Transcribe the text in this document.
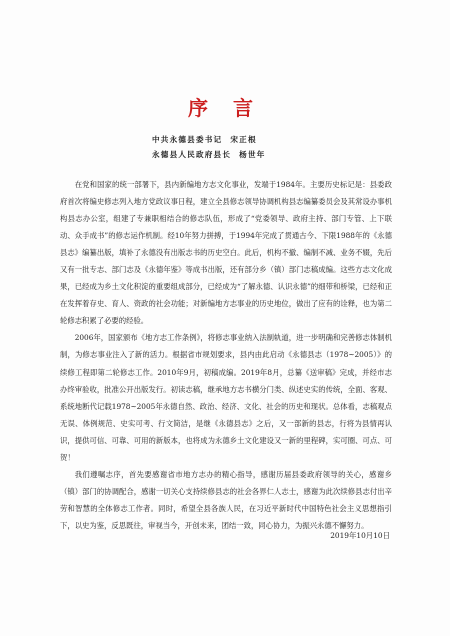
序 言
中共永德县委书记 宋正根
永德县人民政府县长 杨世年

在党和国家的统一部署下，县内新编地方志文化事业，发端于1984年。主要历史标记是：县委政府首次将编史修志列入地方党政议事日程，建立全县修志领导协调机构县志编纂委员会及其常设办事机构县志办公室，组建了专兼职相结合的修志队伍，形成了“党委领导、政府主持、部门专管、上下联动、众手成书”的修志运作机制。经10年努力拼搏，于1994年完成了贯通古今、下限1988年的《永德县志》编纂出版，填补了永德没有出版志书的历史空白。此后，机构不撤、编制不减、业务不辍，先后又有一批专志、部门志及《永德年鉴》等成书出版，还有部分乡（镇）部门志稿成编。这些方志文化成果，已经成为乡土文化积淀的重要组成部分，已经成为“了解永德、认识永德”的细带和桥梁，已经和正在发挥着存史、育人、资政的社会功能；对新编地方志事业的历史地位，做出了应有的诠释，也为第二轮修志积累了必要的经验。

2006年，国家颁布《地方志工作条例》，将修志事业纳入法制轨道，进一步明确和完善修志体制机制，为修志事业注入了新的活力。根据省市规划要求，县内由此启动《永德县志（1978~2005）》的续修工程即第二轮修志工作。2010年9月，初稿成编。2019年8月，总纂《送审稿》完成，并经市志办终审验收，批准公开出版发行。初读志稿，继承地方志书横分门类、纵述史实的传统，全面、客观、系统地断代记载1978~2005年永德自然、政治、经济、文化、社会的历史和现状。总体看，志稿观点无误、体例规范、史实可考、行文简洁，是继《永德县志》之后，又一部新的县志，行将为县情再认识，提供可信、可靠、可用的新版本，也将成为永德乡土文化建设又一新的里程碑，实可圈、可点、可贺！

我们遵嘱志序，首先要感谢省市地方志办的精心指导，感谢历届县委政府领导的关心，感谢乡（镇）部门的协调配合，感谢一切关心支持续修县志的社会各界仁人志士，感谢为此次续修县志付出辛劳和智慧的全体修志工作者。同时，希望全县各族人民，在习近平新时代中国特色社会主义思想指引下，以史为鉴，反思既往，审视当今，开创未来，团结一致，同心协力，为振兴永德不懈努力。

2019年10月10日
